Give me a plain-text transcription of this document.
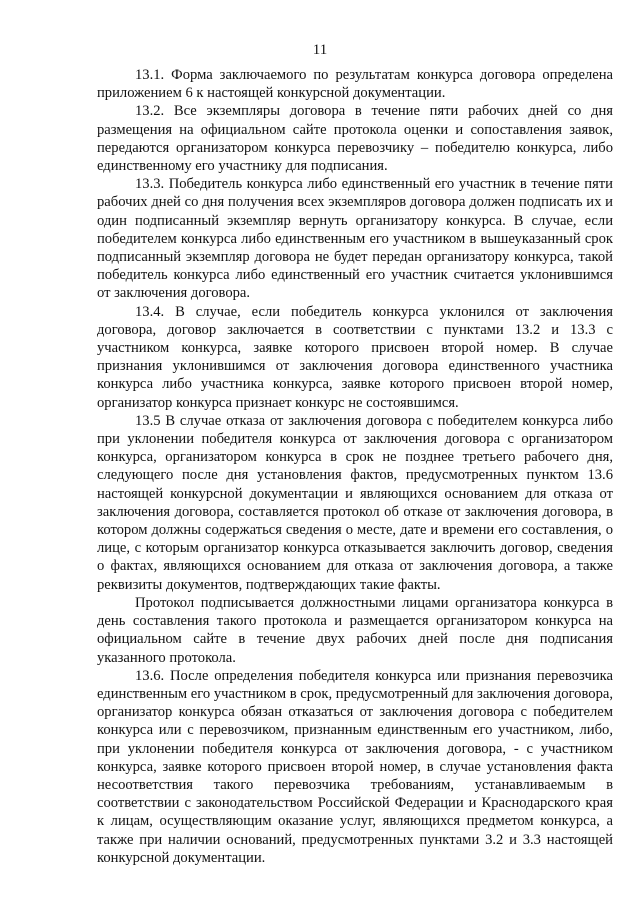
11

13.1. Форма заключаемого по результатам конкурса договора определена приложением 6 к настоящей конкурсной документации.

13.2. Все экземпляры договора в течение пяти рабочих дней со дня размещения на официальном сайте протокола оценки и сопоставления заявок, передаются организатором конкурса перевозчику – победителю конкурса, либо единственному его участнику для подписания.

13.3. Победитель конкурса либо единственный его участник в течение пяти рабочих дней со дня получения всех экземпляров договора должен подписать их и один подписанный экземпляр вернуть организатору конкурса. В случае, если победителем конкурса либо единственным его участником в вышеуказанный срок подписанный экземпляр договора не будет передан организатору конкурса, такой победитель конкурса либо единственный его участник считается уклонившимся от заключения договора.

13.4. В случае, если победитель конкурса уклонился от заключения договора, договор заключается в соответствии с пунктами 13.2 и 13.3 с участником конкурса, заявке которого присвоен второй номер. В случае признания уклонившимся от заключения договора единственного участника конкурса либо участника конкурса, заявке которого присвоен второй номер, организатор конкурса признает конкурс не состоявшимся.

13.5 В случае отказа от заключения договора с победителем конкурса либо при уклонении победителя конкурса от заключения договора с организатором конкурса, организатором конкурса в срок не позднее третьего рабочего дня, следующего после дня установления фактов, предусмотренных пунктом 13.6 настоящей конкурсной документации и являющихся основанием для отказа от заключения договора, составляется протокол об отказе от заключения договора, в котором должны содержаться сведения о месте, дате и времени его составления, о лице, с которым организатор конкурса отказывается заключить договор, сведения о фактах, являющихся основанием для отказа от заключения договора, а также реквизиты документов, подтверждающих такие факты.

Протокол подписывается должностными лицами организатора конкурса в день составления такого протокола и размещается организатором конкурса на официальном сайте в течение двух рабочих дней после дня подписания указанного протокола.

13.6. После определения победителя конкурса или признания перевозчика единственным его участником в срок, предусмотренный для заключения договора, организатор конкурса обязан отказаться от заключения договора с победителем конкурса или с перевозчиком, признанным единственным его участником, либо, при уклонении победителя конкурса от заключения договора, - с участником конкурса, заявке которого присвоен второй номер, в случае установления факта несоответствия такого перевозчика требованиям, устанавливаемым в соответствии с законодательством Российской Федерации и Краснодарского края к лицам, осуществляющим оказание услуг, являющихся предметом конкурса, а также при наличии оснований, предусмотренных пунктами 3.2 и 3.3 настоящей конкурсной документации.
